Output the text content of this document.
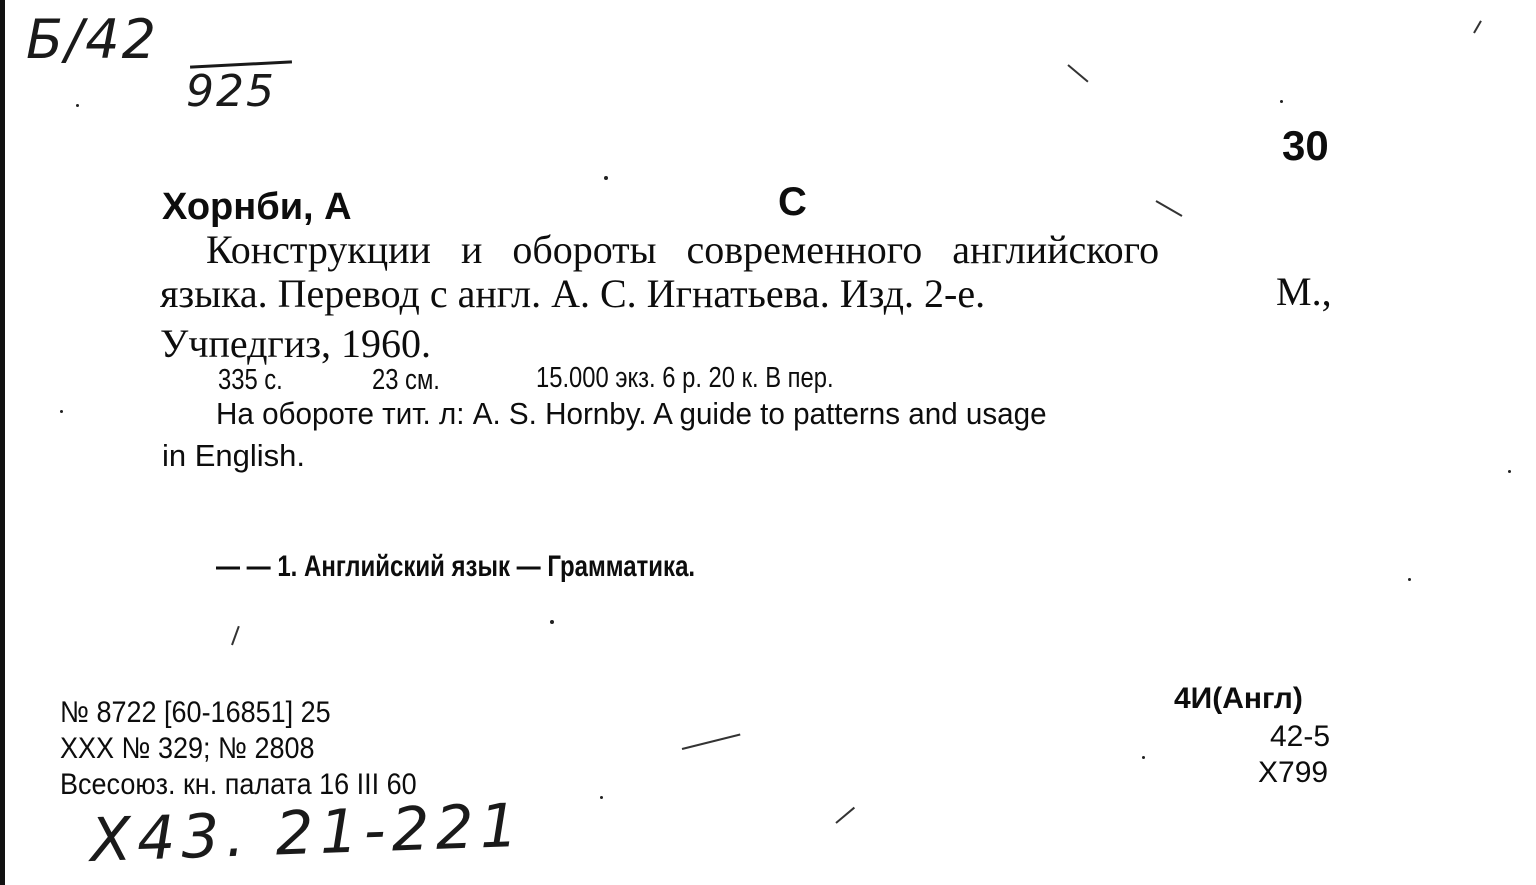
Б/42
925
30
Хорнби, А	С
Конструкции и обороты современного английского
языка. Перевод с англ. А. С. Игнатьева. Изд. 2-е.	М.,
Учпедгиз, 1960.
335 с.	23 см.	15.000 экз. 6 р. 20 к. В пер.
На обороте тит. л: A. S. Hornby. A guide to patterns and usage
in English.
— — 1. Английский язык — Грамматика.
№ 8722 [60-16851] 25
XXX № 329; № 2808
Всесоюз. кн. палата 16 III 60
4И(Англ)
42-5
Х799
Х43. 21-221
